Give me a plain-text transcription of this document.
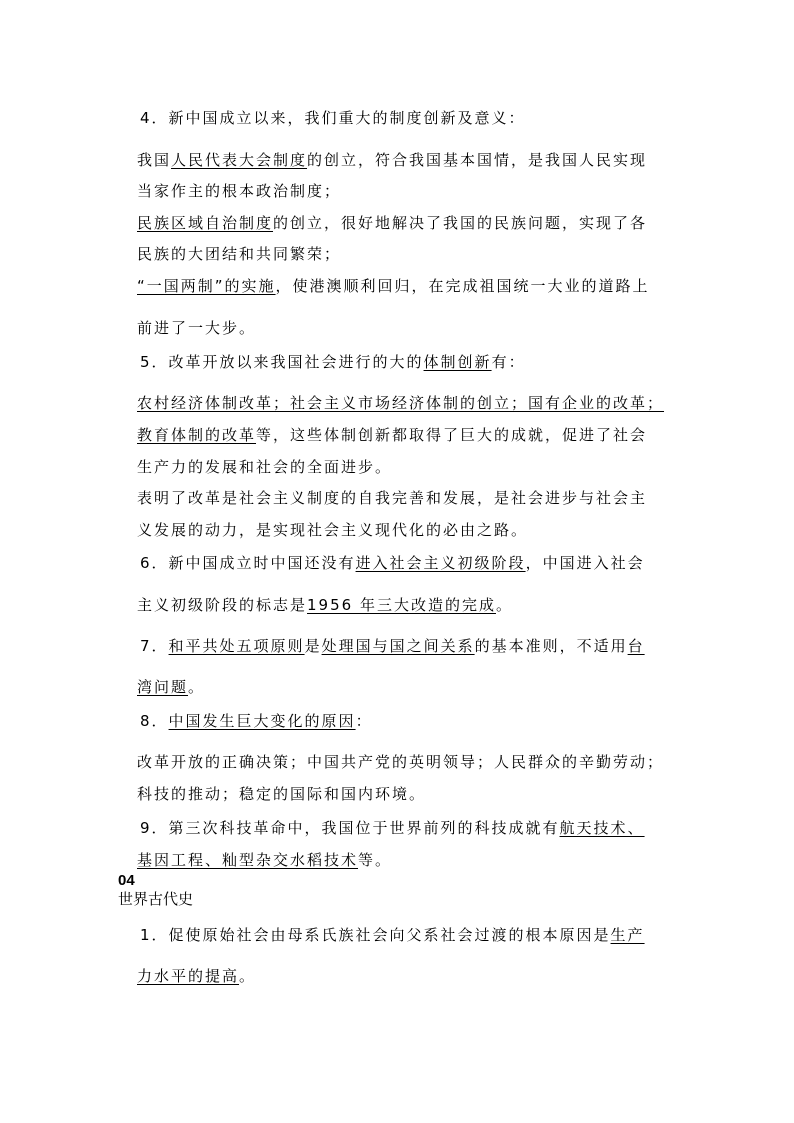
4．新中国成立以来，我们重大的制度创新及意义：
我国人民代表大会制度的创立，符合我国基本国情，是我国人民实现
当家作主的根本政治制度；
民族区域自治制度的创立，很好地解决了我国的民族问题，实现了各
民族的大团结和共同繁荣；
“一国两制”的实施，使港澳顺利回归，在完成祖国统一大业的道路上
前进了一大步。
5．改革开放以来我国社会进行的大的体制创新有：
农村经济体制改革；社会主义市场经济体制的创立；国有企业的改革；
教育体制的改革等，这些体制创新都取得了巨大的成就，促进了社会
生产力的发展和社会的全面进步。
表明了改革是社会主义制度的自我完善和发展，是社会进步与社会主
义发展的动力，是实现社会主义现代化的必由之路。
6．新中国成立时中国还没有进入社会主义初级阶段，中国进入社会
主义初级阶段的标志是1956 年三大改造的完成。
7．和平共处五项原则是处理国与国之间关系的基本准则，不适用台
湾问题。
8．中国发生巨大变化的原因：
改革开放的正确决策；中国共产党的英明领导；人民群众的辛勤劳动；
科技的推动；稳定的国际和国内环境。
9．第三次科技革命中，我国位于世界前列的科技成就有航天技术、
基因工程、籼型杂交水稻技术等。
1．促使原始社会由母系氏族社会向父系社会过渡的根本原因是生产
力水平的提高。
04
世界古代史
